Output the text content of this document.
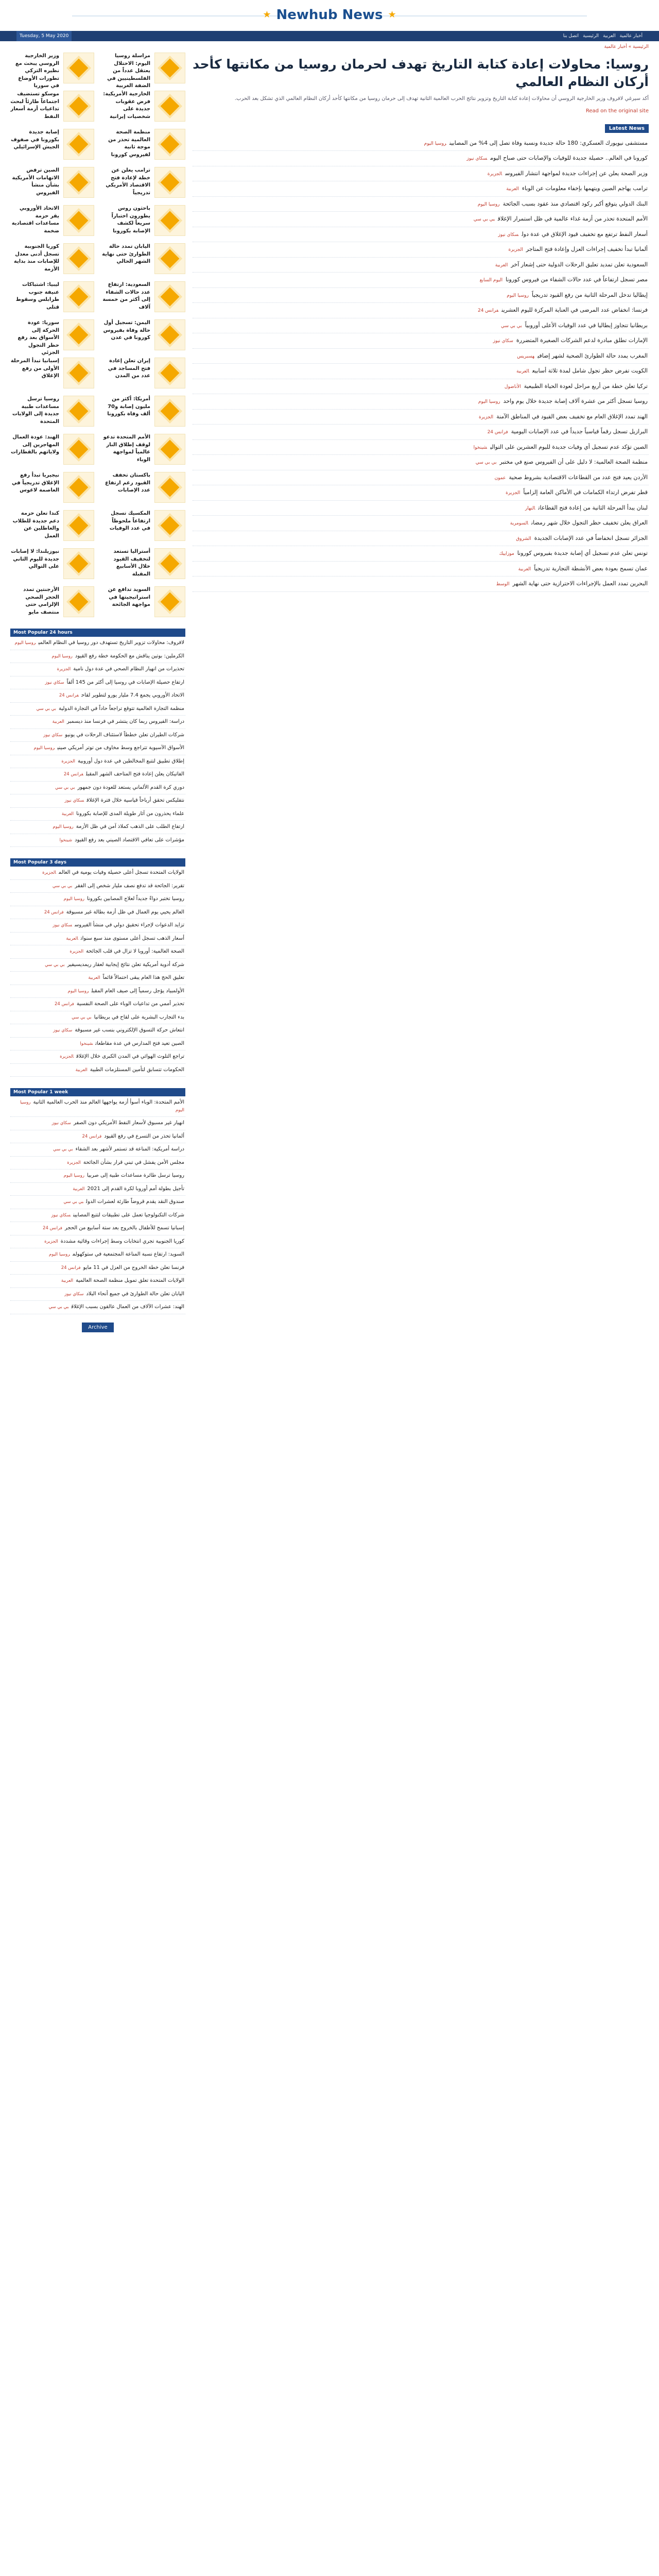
★ Newhub News ★
Tuesday, 5 May 2020	أخبار عالمية
العربية
الرئيسية
اتصل بنا
الرئيسية » أخبار عالمية
مراسلة روسيا اليوم: الاحتلال يعتقل عدداً من الفلسطينيين في الضفة الغربية
وزير الخارجية الروسي يبحث مع نظيره التركي تطورات الأوضاع في سوريا
الخارجية الأمريكية: فرض عقوبات جديدة على شخصيات إيرانية
موسكو تستضيف اجتماعاً طارئاً لبحث تداعيات أزمة أسعار النفط
منظمة الصحة العالمية تحذر من موجة ثانية لفيروس كورونا
إصابة جديدة بكورونا في صفوف الجيش الإسرائيلي
ترامب يعلن عن خطة لإعادة فتح الاقتصاد الأمريكي تدريجياً
الصين ترفض الاتهامات الأمريكية بشأن منشأ الفيروس
باحثون روس يطورون اختباراً سريعاً لكشف الإصابة بكورونا
الاتحاد الأوروبي يقر حزمة مساعدات اقتصادية ضخمة
اليابان تمدد حالة الطوارئ حتى نهاية الشهر الحالي
كوريا الجنوبية تسجل أدنى معدل للإصابات منذ بداية الأزمة
السعودية: ارتفاع عدد حالات الشفاء إلى أكثر من خمسة آلاف
ليبيا: اشتباكات عنيفة جنوب طرابلس وسقوط قتلى
اليمن: تسجيل أول حالة وفاة بفيروس كورونا في عدن
سوريا: عودة الحركة إلى الأسواق بعد رفع حظر التجول الجزئي
إيران تعلن إعادة فتح المساجد في عدد من المدن
إسبانيا تبدأ المرحلة الأولى من رفع الإغلاق
أمريكا: أكثر من مليون إصابة و70 ألف وفاة بكورونا
روسيا ترسل مساعدات طبية جديدة إلى الولايات المتحدة
الأمم المتحدة تدعو لوقف إطلاق النار عالمياً لمواجهة الوباء
الهند: عودة العمال المهاجرين إلى ولاياتهم بالقطارات
باكستان تخفف القيود رغم ارتفاع عدد الإصابات
نيجيريا تبدأ رفع الإغلاق تدريجياً في العاصمة لاغوس
المكسيك تسجل ارتفاعاً ملحوظاً في عدد الوفيات
كندا تعلن حزمة دعم جديدة للطلاب والعاطلين عن العمل
أستراليا تستعد لتخفيف القيود خلال الأسابيع المقبلة
نيوزيلندا: لا إصابات جديدة لليوم الثاني على التوالي
السويد تدافع عن استراتيجيتها في مواجهة الجائحة
الأرجنتين تمدد الحجر الصحي الإلزامي حتى منتصف مايو
Most Popular 24 hours
لافروف: محاولات تزوير التاريخ تستهدف دور روسيا في النظام العالميروسيا اليوم
الكرملين: بوتين يناقش مع الحكومة خطة رفع القيودروسيا اليوم
تحذيرات من انهيار النظام الصحي في عدة دول ناميةالجزيرة
ارتفاع حصيلة الإصابات في روسيا إلى أكثر من 145 ألفاًسكاي نيوز
الاتحاد الأوروبي يجمع 7.4 مليار يورو لتطوير لقاحفرانس 24
منظمة التجارة العالمية تتوقع تراجعاً حاداً في التجارة الدوليةبي بي سي
دراسة: الفيروس ربما كان ينتشر في فرنسا منذ ديسمبرالعربية
شركات الطيران تعلن خططاً لاستئناف الرحلات في يونيوسكاي نيوز
الأسواق الآسيوية تتراجع وسط مخاوف من توتر أمريكي صينيروسيا اليوم
إطلاق تطبيق لتتبع المخالطين في عدة دول أوروبيةالجزيرة
الفاتيكان يعلن إعادة فتح المتاحف الشهر المقبلفرانس 24
دوري كرة القدم الألماني يستعد للعودة دون جمهوربي بي سي
نتفليكس تحقق أرباحاً قياسية خلال فترة الإغلاقسكاي نيوز
علماء يحذرون من آثار طويلة المدى للإصابة بكوروناالعربية
ارتفاع الطلب على الذهب كملاذ آمن في ظل الأزمةروسيا اليوم
مؤشرات على تعافي الاقتصاد الصيني بعد رفع القيودشينخوا
Most Popular 3 days
الولايات المتحدة تسجل أعلى حصيلة وفيات يومية في العالمالجزيرة
تقرير: الجائحة قد تدفع نصف مليار شخص إلى الفقربي بي سي
روسيا تختبر دواءً جديداً لعلاج المصابين بكوروناروسيا اليوم
العالم يحيي يوم العمال في ظل أزمة بطالة غير مسبوقةفرانس 24
تزايد الدعوات لإجراء تحقيق دولي في منشأ الفيروسسكاي نيوز
أسعار الذهب تسجل أعلى مستوى منذ سبع سنواتالعربية
الصحة العالمية: أوروبا لا تزال في قلب الجائحةالجزيرة
شركة أدوية أمريكية تعلن نتائج إيجابية لعقار ريمديسيفيربي بي سي
تعليق الحج هذا العام يبقى احتمالاً قائماًالعربية
الأولمبياد يؤجل رسمياً إلى صيف العام المقبلروسيا اليوم
تحذير أممي من تداعيات الوباء على الصحة النفسيةفرانس 24
بدء التجارب البشرية على لقاح في بريطانيابي بي سي
انتعاش حركة التسوق الإلكتروني بنسب غير مسبوقةسكاي نيوز
الصين تعيد فتح المدارس في عدة مقاطعاتشينخوا
تراجع التلوث الهوائي في المدن الكبرى خلال الإغلاقالجزيرة
الحكومات تتسابق لتأمين المستلزمات الطبيةالعربية
Most Popular 1 week
الأمم المتحدة: الوباء أسوأ أزمة يواجهها العالم منذ الحرب العالمية الثانيةروسيا اليوم
انهيار غير مسبوق لأسعار النفط الأمريكي دون الصفرسكاي نيوز
ألمانيا تحذر من التسرع في رفع القيودفرانس 24
دراسة أمريكية: المناعة قد تستمر لأشهر بعد الشفاءبي بي سي
مجلس الأمن يفشل في تبني قرار بشأن الجائحةالجزيرة
روسيا ترسل طائرة مساعدات طبية إلى صربياروسيا اليوم
تأجيل بطولة أمم أوروبا لكرة القدم إلى 2021العربية
صندوق النقد يقدم قروضاً طارئة لعشرات الدولبي بي سي
شركات التكنولوجيا تعمل على تطبيقات لتتبع المصابينسكاي نيوز
إسبانيا تسمح للأطفال بالخروج بعد ستة أسابيع من الحجرفرانس 24
كوريا الجنوبية تجري انتخابات وسط إجراءات وقائية مشددةالجزيرة
السويد: ارتفاع نسبة المناعة المجتمعية في ستوكهولمروسيا اليوم
فرنسا تعلن خطة الخروج من العزل في 11 مايوفرانس 24
الولايات المتحدة تعلق تمويل منظمة الصحة العالميةالعربية
اليابان تعلن حالة الطوارئ في جميع أنحاء البلادسكاي نيوز
الهند: عشرات الآلاف من العمال عالقون بسبب الإغلاقبي بي سي
Archive
روسيا: محاولات إعادة كتابة التاريخ تهدف لحرمان روسيا من مكانتها كأحد أركان النظام العالمي
أكد سيرغي لافروف وزير الخارجية الروسي أن محاولات إعادة كتابة التاريخ وتزوير نتائج الحرب العالمية الثانية تهدف إلى حرمان روسيا من مكانتها كأحد أركان النظام العالمي الذي تشكل بعد الحرب.
Read on the original site
Latest News
مستشفى نيويورك العسكري: 180 حالة جديدة ونسبة وفاة تصل إلى 4% من المصابينروسيا اليوم
كورونا في العالم.. حصيلة جديدة للوفيات والإصابات حتى صباح اليومسكاي نيوز
وزير الصحة يعلن عن إجراءات جديدة لمواجهة انتشار الفيروسالجزيرة
ترامب يهاجم الصين ويتهمها بإخفاء معلومات عن الوباءالعربية
البنك الدولي يتوقع أكبر ركود اقتصادي منذ عقود بسبب الجائحةروسيا اليوم
الأمم المتحدة تحذر من أزمة غذاء عالمية في ظل استمرار الإغلاقبي بي سي
أسعار النفط ترتفع مع تخفيف قيود الإغلاق في عدة دولسكاي نيوز
ألمانيا تبدأ تخفيف إجراءات العزل وإعادة فتح المتاجرالجزيرة
السعودية تعلن تمديد تعليق الرحلات الدولية حتى إشعار آخرالعربية
مصر تسجل ارتفاعاً في عدد حالات الشفاء من فيروس كورونااليوم السابع
إيطاليا تدخل المرحلة الثانية من رفع القيود تدريجياًروسيا اليوم
فرنسا: انخفاض عدد المرضى في العناية المركزة لليوم العشرينفرانس 24
بريطانيا تتجاوز إيطاليا في عدد الوفيات الأعلى أوروبياًبي بي سي
الإمارات تطلق مبادرة لدعم الشركات الصغيرة المتضررةسكاي نيوز
المغرب يمدد حالة الطوارئ الصحية لشهر إضافيهسبريس
الكويت تفرض حظر تجول شامل لمدة ثلاثة أسابيعالعربية
تركيا تعلن خطة من أربع مراحل لعودة الحياة الطبيعيةالأناضول
روسيا تسجل أكثر من عشرة آلاف إصابة جديدة خلال يوم واحدروسيا اليوم
الهند تمدد الإغلاق العام مع تخفيف بعض القيود في المناطق الآمنةالجزيرة
البرازيل تسجل رقماً قياسياً جديداً في عدد الإصابات اليوميةفرانس 24
الصين تؤكد عدم تسجيل أي وفيات جديدة لليوم العشرين على التواليشينخوا
منظمة الصحة العالمية: لا دليل على أن الفيروس صنع في مختبربي بي سي
الأردن يعيد فتح عدد من القطاعات الاقتصادية بشروط صحيةعمون
قطر تفرض ارتداء الكمامات في الأماكن العامة إلزامياًالجزيرة
لبنان يبدأ المرحلة الثانية من إعادة فتح القطاعاتالنهار
العراق يعلن تخفيف حظر التجول خلال شهر رمضانالسومرية
الجزائر تسجل انخفاضاً في عدد الإصابات الجديدةالشروق
تونس تعلن عدم تسجيل أي إصابة جديدة بفيروس كوروناموزاييك
عمان تسمح بعودة بعض الأنشطة التجارية تدريجياًالعربية
البحرين تمدد العمل بالإجراءات الاحترازية حتى نهاية الشهرالوسط
